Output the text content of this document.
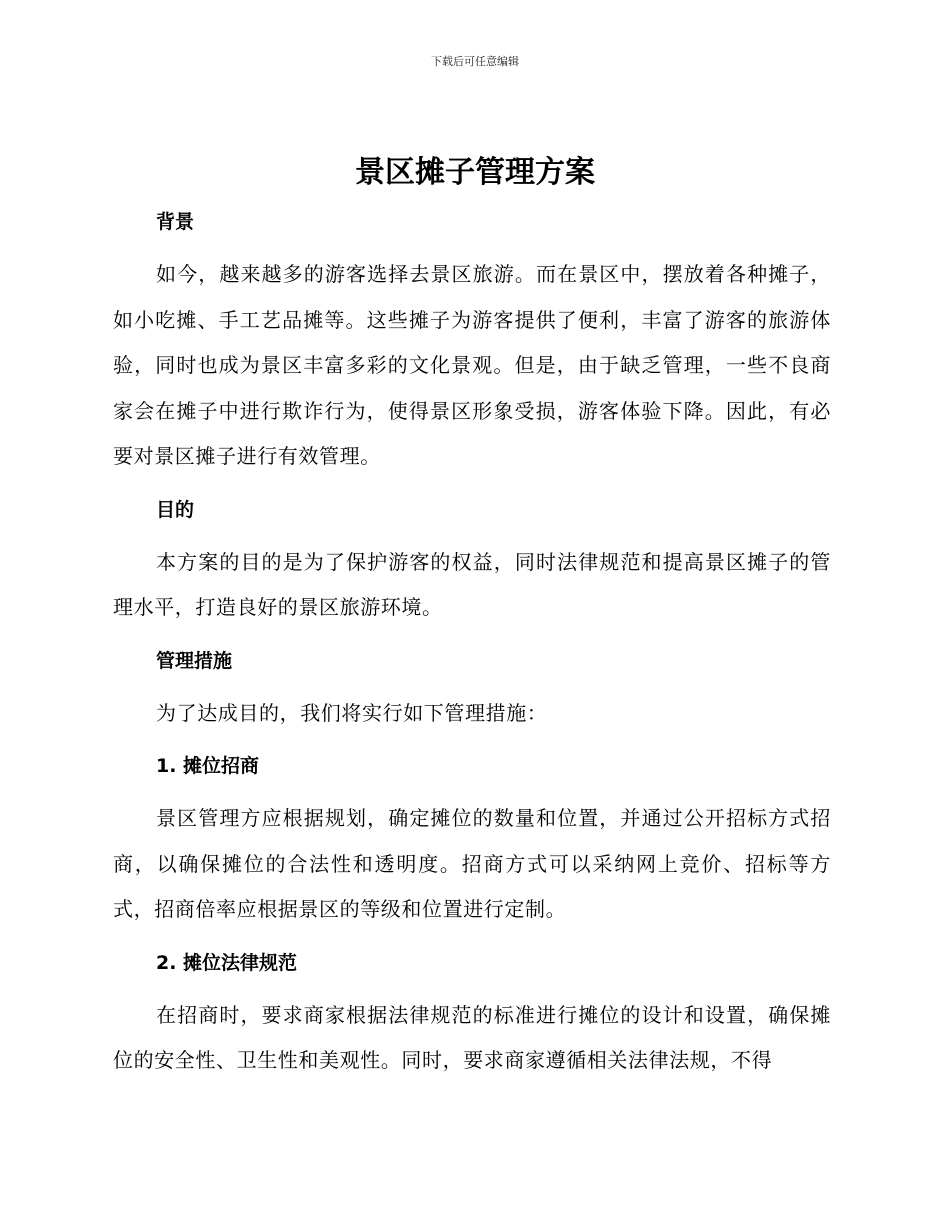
下载后可任意编辑
景区摊子管理方案

背景

如今，越来越多的游客选择去景区旅游。而在景区中，摆放着各种摊子，如小吃摊、手工艺品摊等。这些摊子为游客提供了便利，丰富了游客的旅游体验，同时也成为景区丰富多彩的文化景观。但是，由于缺乏管理，一些不良商家会在摊子中进行欺诈行为，使得景区形象受损，游客体验下降。因此，有必要对景区摊子进行有效管理。

目的

本方案的目的是为了保护游客的权益，同时法律规范和提高景区摊子的管理水平，打造良好的景区旅游环境。

管理措施

为了达成目的，我们将实行如下管理措施：

1. 摊位招商

景区管理方应根据规划，确定摊位的数量和位置，并通过公开招标方式招商，以确保摊位的合法性和透明度。招商方式可以采纳网上竞价、招标等方式，招商倍率应根据景区的等级和位置进行定制。

2. 摊位法律规范

在招商时，要求商家根据法律规范的标准进行摊位的设计和设置，确保摊位的安全性、卫生性和美观性。同时，要求商家遵循相关法律法规，不得
